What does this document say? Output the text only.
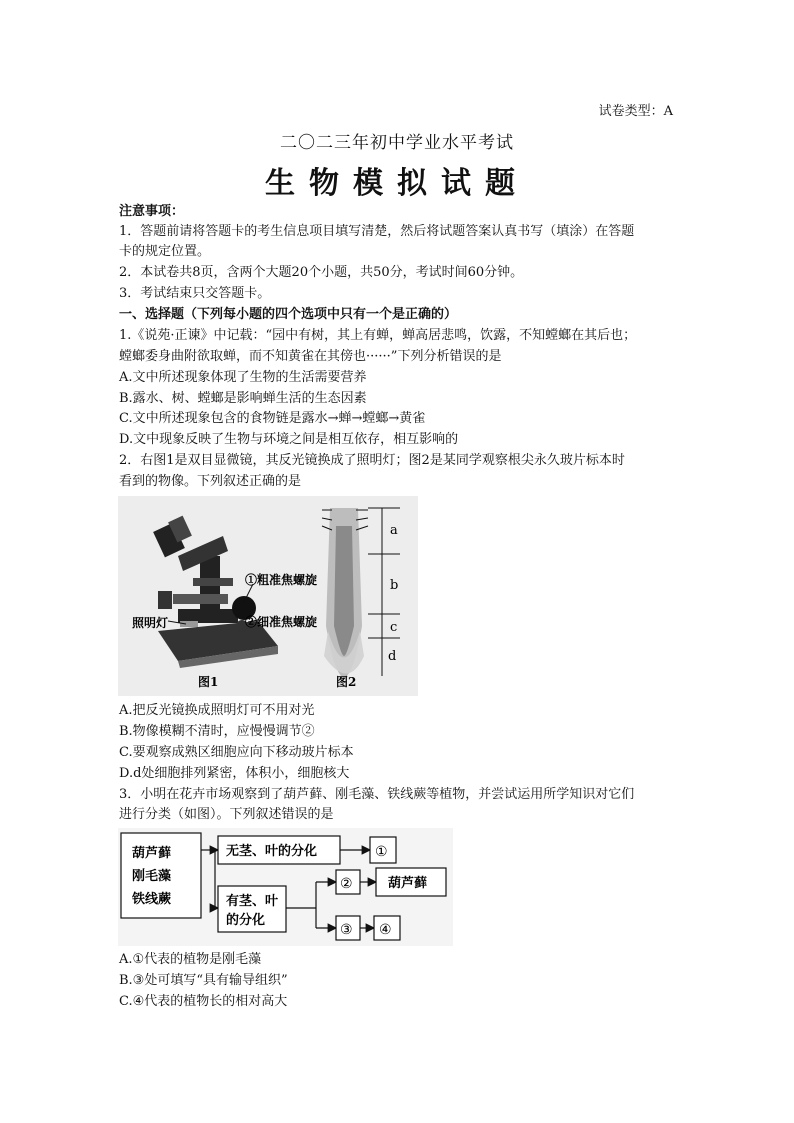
试卷类型：A
二〇二三年初中学业水平考试
生物模拟试题
注意事项：
1．答题前请将答题卡的考生信息项目填写清楚，然后将试题答案认真书写（填涂）在答题
卡的规定位置。
2．本试卷共8页，含两个大题20个小题，共50分，考试时间60分钟。
3．考试结束只交答题卡。
一、选择题（下列每小题的四个选项中只有一个是正确的）
1.《说苑·正谏》中记载：“园中有树，其上有蝉，蝉高居悲鸣，饮露，不知螳螂在其后也；
螳螂委身曲附欲取蝉，而不知黄雀在其傍也······”下列分析错误的是
A.文中所述现象体现了生物的生活需要营养
B.露水、树、螳螂是影响蝉生活的生态因素
C.文中所述现象包含的食物链是露水→蝉→螳螂→黄雀
D.文中现象反映了生物与环境之间是相互依存，相互影响的
2．右图1是双目显微镜，其反光镜换成了照明灯；图2是某同学观察根尖永久玻片标本时
看到的物像。下列叙述正确的是
①粗准焦螺旋
②细准焦螺旋
照明灯
图1
a
b
c
d
图2
A.把反光镜换成照明灯可不用对光
B.物像模糊不清时，应慢慢调节②
C.要观察成熟区细胞应向下移动玻片标本
D.d处细胞排列紧密，体积小，细胞核大
3．小明在花卉市场观察到了葫芦藓、刚毛藻、铁线蕨等植物，并尝试运用所学知识对它们
进行分类（如图）。下列叙述错误的是
葫芦藓
刚毛藻
铁线蕨
无茎、叶的分化	①
有茎、叶
的分化
②	葫芦藓
③ ④
A.①代表的植物是刚毛藻
B.③处可填写“具有输导组织”
C.④代表的植物长的相对高大
